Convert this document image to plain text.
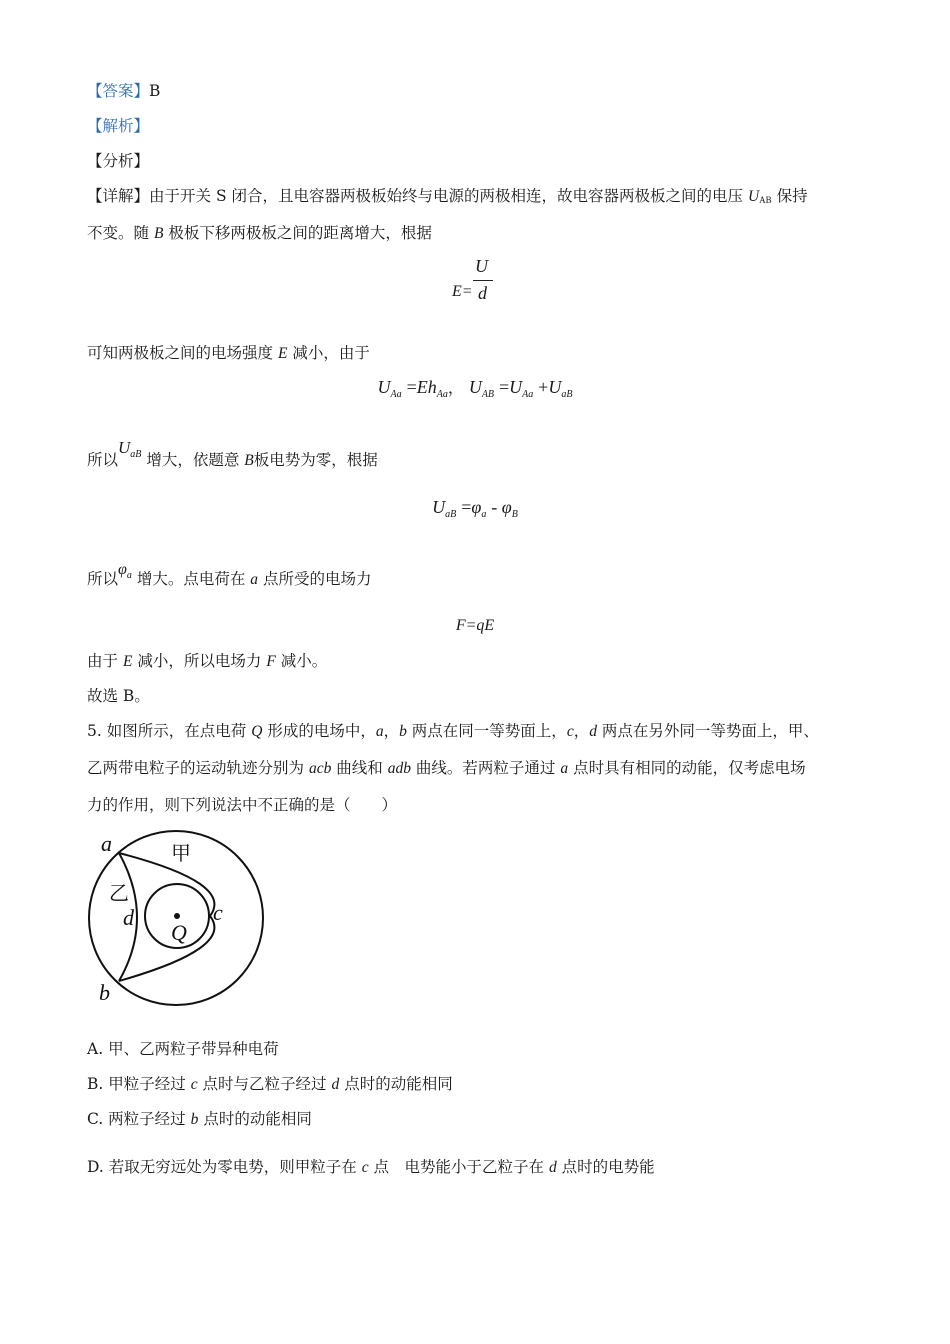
【答案】B
【解析】
【分析】
【详解】由于开关 S 闭合，且电容器两极板始终与电源的两极相连，故电容器两极板之间的电压 $U_{AB}$ 保持
不变。随 B 极板下移两极板之间的距离增大，根据
E=
U
d
可知两极板之间的电场强度 E 减小，由于
$U_{Aa} =Eh_{Aa}$， $U_{AB} =U_{Aa} +U_{aB}$
所以$U_{aB}$ 增大，依题意 B板电势为零，根据
$U_{aB} =\varphi_a - \varphi_B$
所以$\varphi_a$ 增大。点电荷在 a 点所受的电场力
F=qE
由于 E 减小，所以电场力 F 减小。
故选 B。
5. 如图所示，在点电荷 Q 形成的电场中，a，b 两点在同一等势面上，c，d 两点在另外同一等势面上，甲、
乙两带电粒子的运动轨迹分别为 acb 曲线和 adb 曲线。若两粒子通过 a 点时具有相同的动能，仅考虑电场
力的作用，则下列说法中不正确的是（　　）
a
b
c
d
Q
甲
乙
A. 甲、乙两粒子带异种电荷
B. 甲粒子经过 c 点时与乙粒子经过 d 点时的动能相同
C. 两粒子经过 b 点时的动能相同
D. 若取无穷远处为零电势，则甲粒子在 c 点　电势能小于乙粒子在 d 点时的电势能
